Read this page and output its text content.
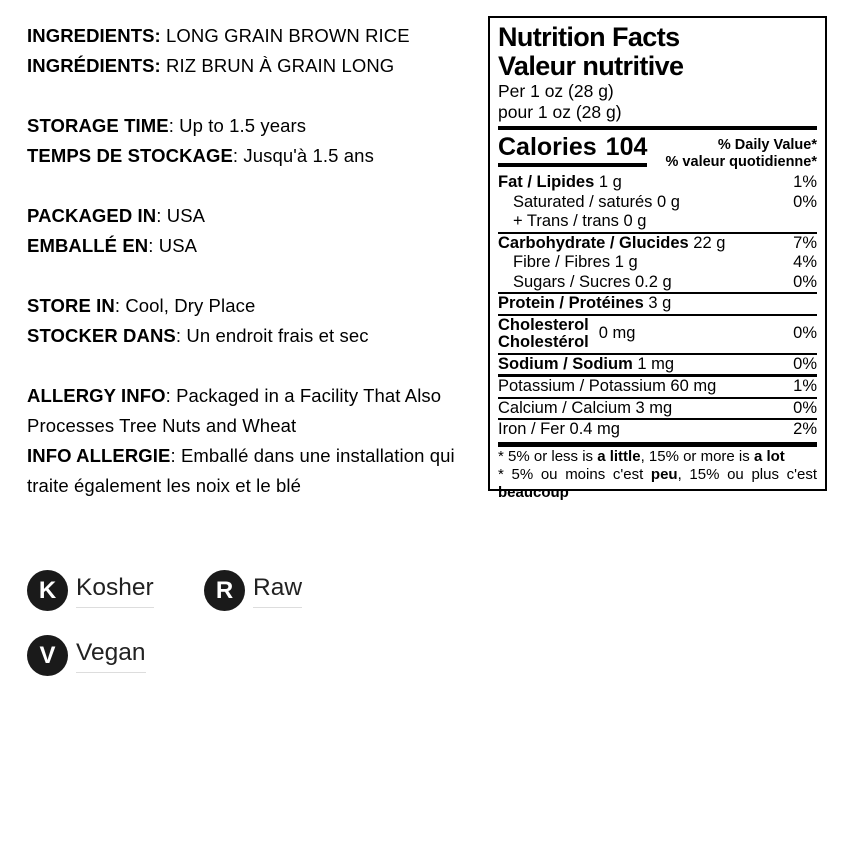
INGREDIENTS: LONG GRAIN BROWN RICE
INGRÉDIENTS: RIZ BRUN À GRAIN LONG
STORAGE TIME: Up to 1.5 years
TEMPS DE STOCKAGE: Jusqu'à 1.5 ans
PACKAGED IN: USA
EMBALLÉ EN: USA
STORE IN: Cool, Dry Place
STOCKER DANS: Un endroit frais et sec
ALLERGY INFO: Packaged in a Facility That Also Processes Tree Nuts and Wheat
INFO ALLERGIE: Emballé dans une installation qui traite également les noix et le blé
Nutrition Facts
Valeur nutritive
Per 1 oz (28 g)
pour 1 oz (28 g)
Calories 104	% Daily Value*
% valeur quotidienne*
Fat / Lipides 1 g	1%
Saturated / saturés 0 g	0%
+ Trans / trans 0 g
Carbohydrate / Glucides 22 g	7%
Fibre / Fibres 1 g	4%
Sugars / Sucres 0.2 g	0%
Protein / Protéines 3 g
Cholesterol
Cholestérol 0 mg	0%
Sodium / Sodium 1 mg	0%
Potassium / Potassium 60 mg	1%
Calcium / Calcium 3 mg	0%
Iron / Fer 0.4 mg	2%
* 5% or less is a little, 15% or more is a lot
* 5% ou moins c'est peu, 15% ou plus c'est beaucoup
K Kosher	R Raw
V Vegan
